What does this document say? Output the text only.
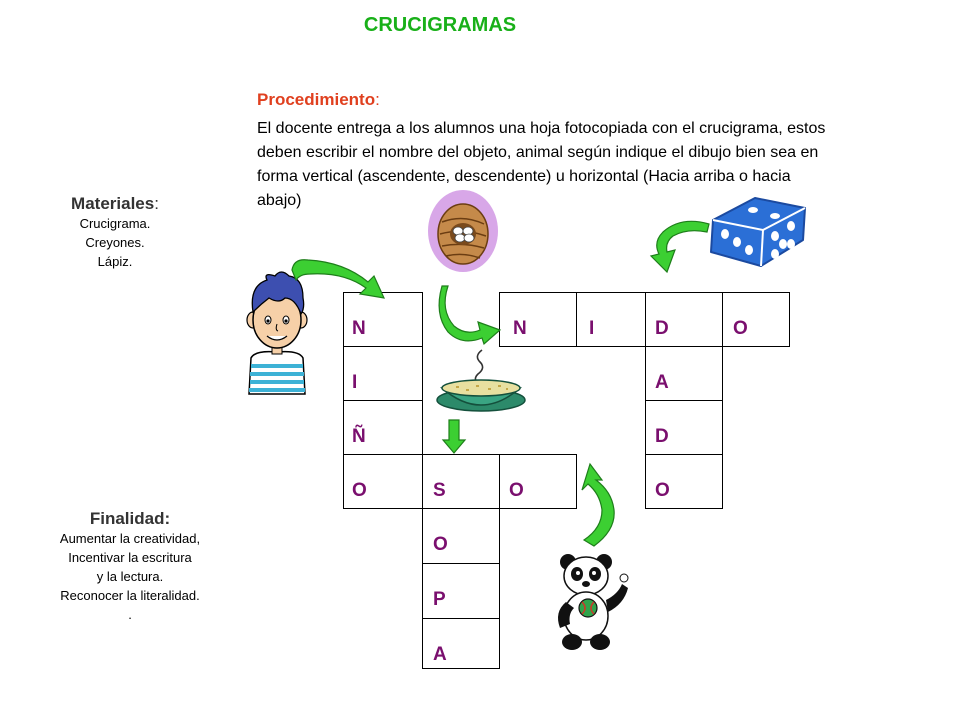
CRUCIGRAMAS
Procedimiento:
El docente entrega a los alumnos una hoja fotocopiada con el crucigrama, estos
deben escribir el nombre del objeto, animal según indique el dibujo bien sea en
forma vertical (ascendente, descendente) u horizontal (Hacia arriba o hacia
abajo)
Materiales:
Crucigrama.
Creyones.
Lápiz.
Finalidad:
Aumentar la creatividad,
Incentivar la escritura
y la lectura.
Reconocer la literalidad.
.
N
I
Ñ
O	S	O
O
P
A
N	I	D	O
A
D
O
